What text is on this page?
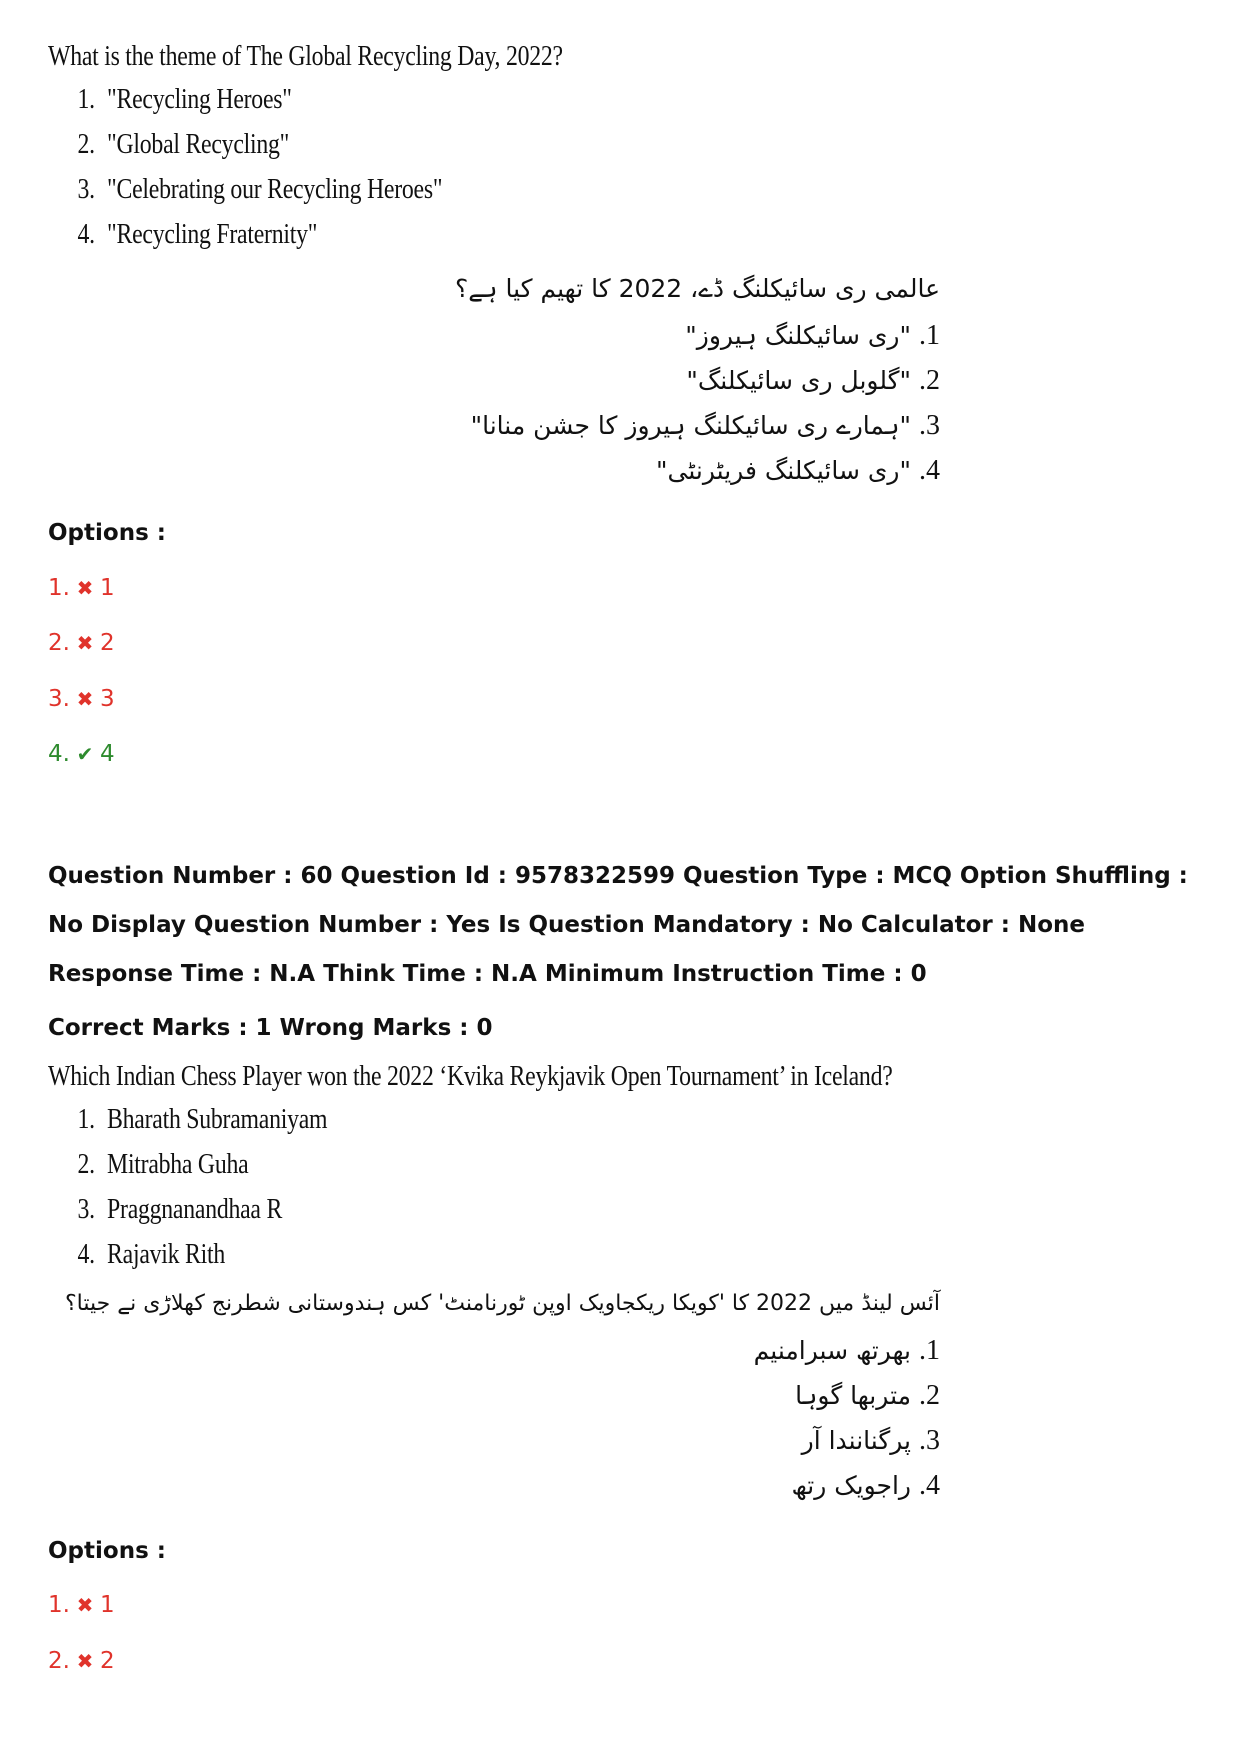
What is the theme of The Global Recycling Day, 2022?
1. "Recycling Heroes"
2. "Global Recycling"
3. "Celebrating our Recycling Heroes"
4. "Recycling Fraternity"
عالمی ری سائیکلنگ ڈے، 2022 کا تھیم کیا ہے؟
1."ری سائیکلنگ ہیروز"
2."گلوبل ری سائیکلنگ"
3."ہمارے ری سائیکلنگ ہیروز کا جشن منانا"
4."ری سائیکلنگ فریٹرنٹی"
Options :
1. ✖ 1
2. ✖ 2
3. ✖ 3
4. ✔ 4
Question Number : 60 Question Id : 9578322599 Question Type : MCQ Option Shuffling : No Display Question Number : Yes Is Question Mandatory : No Calculator : None Response Time : N.A Think Time : N.A Minimum Instruction Time : 0
Correct Marks : 1 Wrong Marks : 0
Which Indian Chess Player won the 2022 ‘Kvika Reykjavik Open Tournament’ in Iceland?
1. Bharath Subramaniyam
2. Mitrabha Guha
3. Praggnanandhaa R
4. Rajavik Rith
آئس لینڈ میں 2022 کا 'کویکا ریکجاویک اوپن ٹورنامنٹ' کس ہندوستانی شطرنج کھلاڑی نے جیتا؟
1.بھرتھ سبرامنیم
2.متربھا گوہا
3.پرگنانندا آر
4.راجویک رتھ
Options :
1. ✖ 1
2. ✖ 2
